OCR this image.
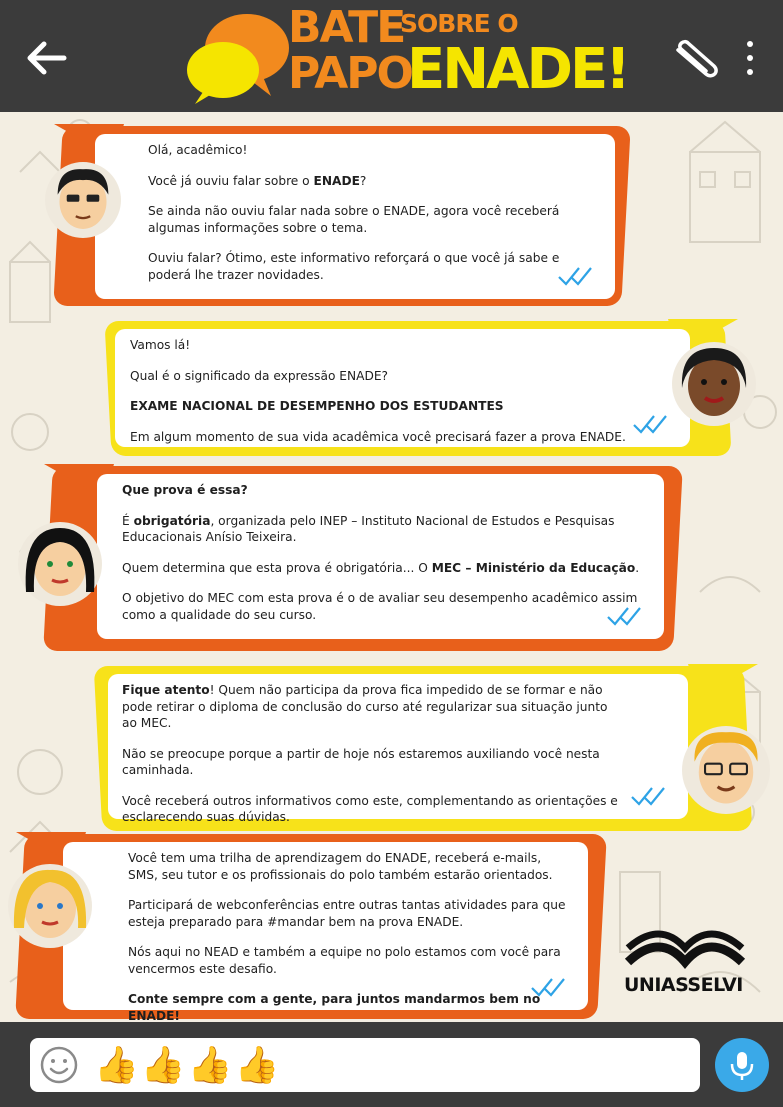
BATE
PAPO
SOBRE O
ENADE!

Olá, acadêmico!

Você já ouviu falar sobre o ENADE?

Se ainda não ouviu falar nada sobre o ENADE, agora você receberá algumas informações sobre o tema.

Ouviu falar? Ótimo, este informativo reforçará o que você já sabe e poderá lhe trazer novidades.

Vamos lá!

Qual é o significado da expressão ENADE?

EXAME NACIONAL DE DESEMPENHO DOS ESTUDANTES

Em algum momento de sua vida acadêmica você precisará fazer a prova ENADE.

Que prova é essa?

É obrigatória, organizada pelo INEP – Instituto Nacional de Estudos e Pesquisas Educacionais Anísio Teixeira.

Quem determina que esta prova é obrigatória... O MEC – Ministério da Educação.

O objetivo do MEC com esta prova é o de avaliar seu desempenho acadêmico assim como a qualidade do seu curso.

Fique atento! Quem não participa da prova fica impedido de se formar e não pode retirar o diploma de conclusão do curso até regularizar sua situação junto ao MEC.

Não se preocupe porque a partir de hoje nós estaremos auxiliando você nesta caminhada.

Você receberá outros informativos como este, complementando as orientações e esclarecendo suas dúvidas.

Você tem uma trilha de aprendizagem do ENADE, receberá e-mails, SMS, seu tutor e os profissionais do polo também estarão orientados.

Participará de webconferências entre outras tantas atividades para que esteja preparado para #mandar bem na prova ENADE.

Nós aqui no NEAD e também a equipe no polo estamos com você para vencermos este desafio.

Conte sempre com a gente, para juntos mandarmos bem no ENADE!

UNIASSELVI
👍👍👍👍
